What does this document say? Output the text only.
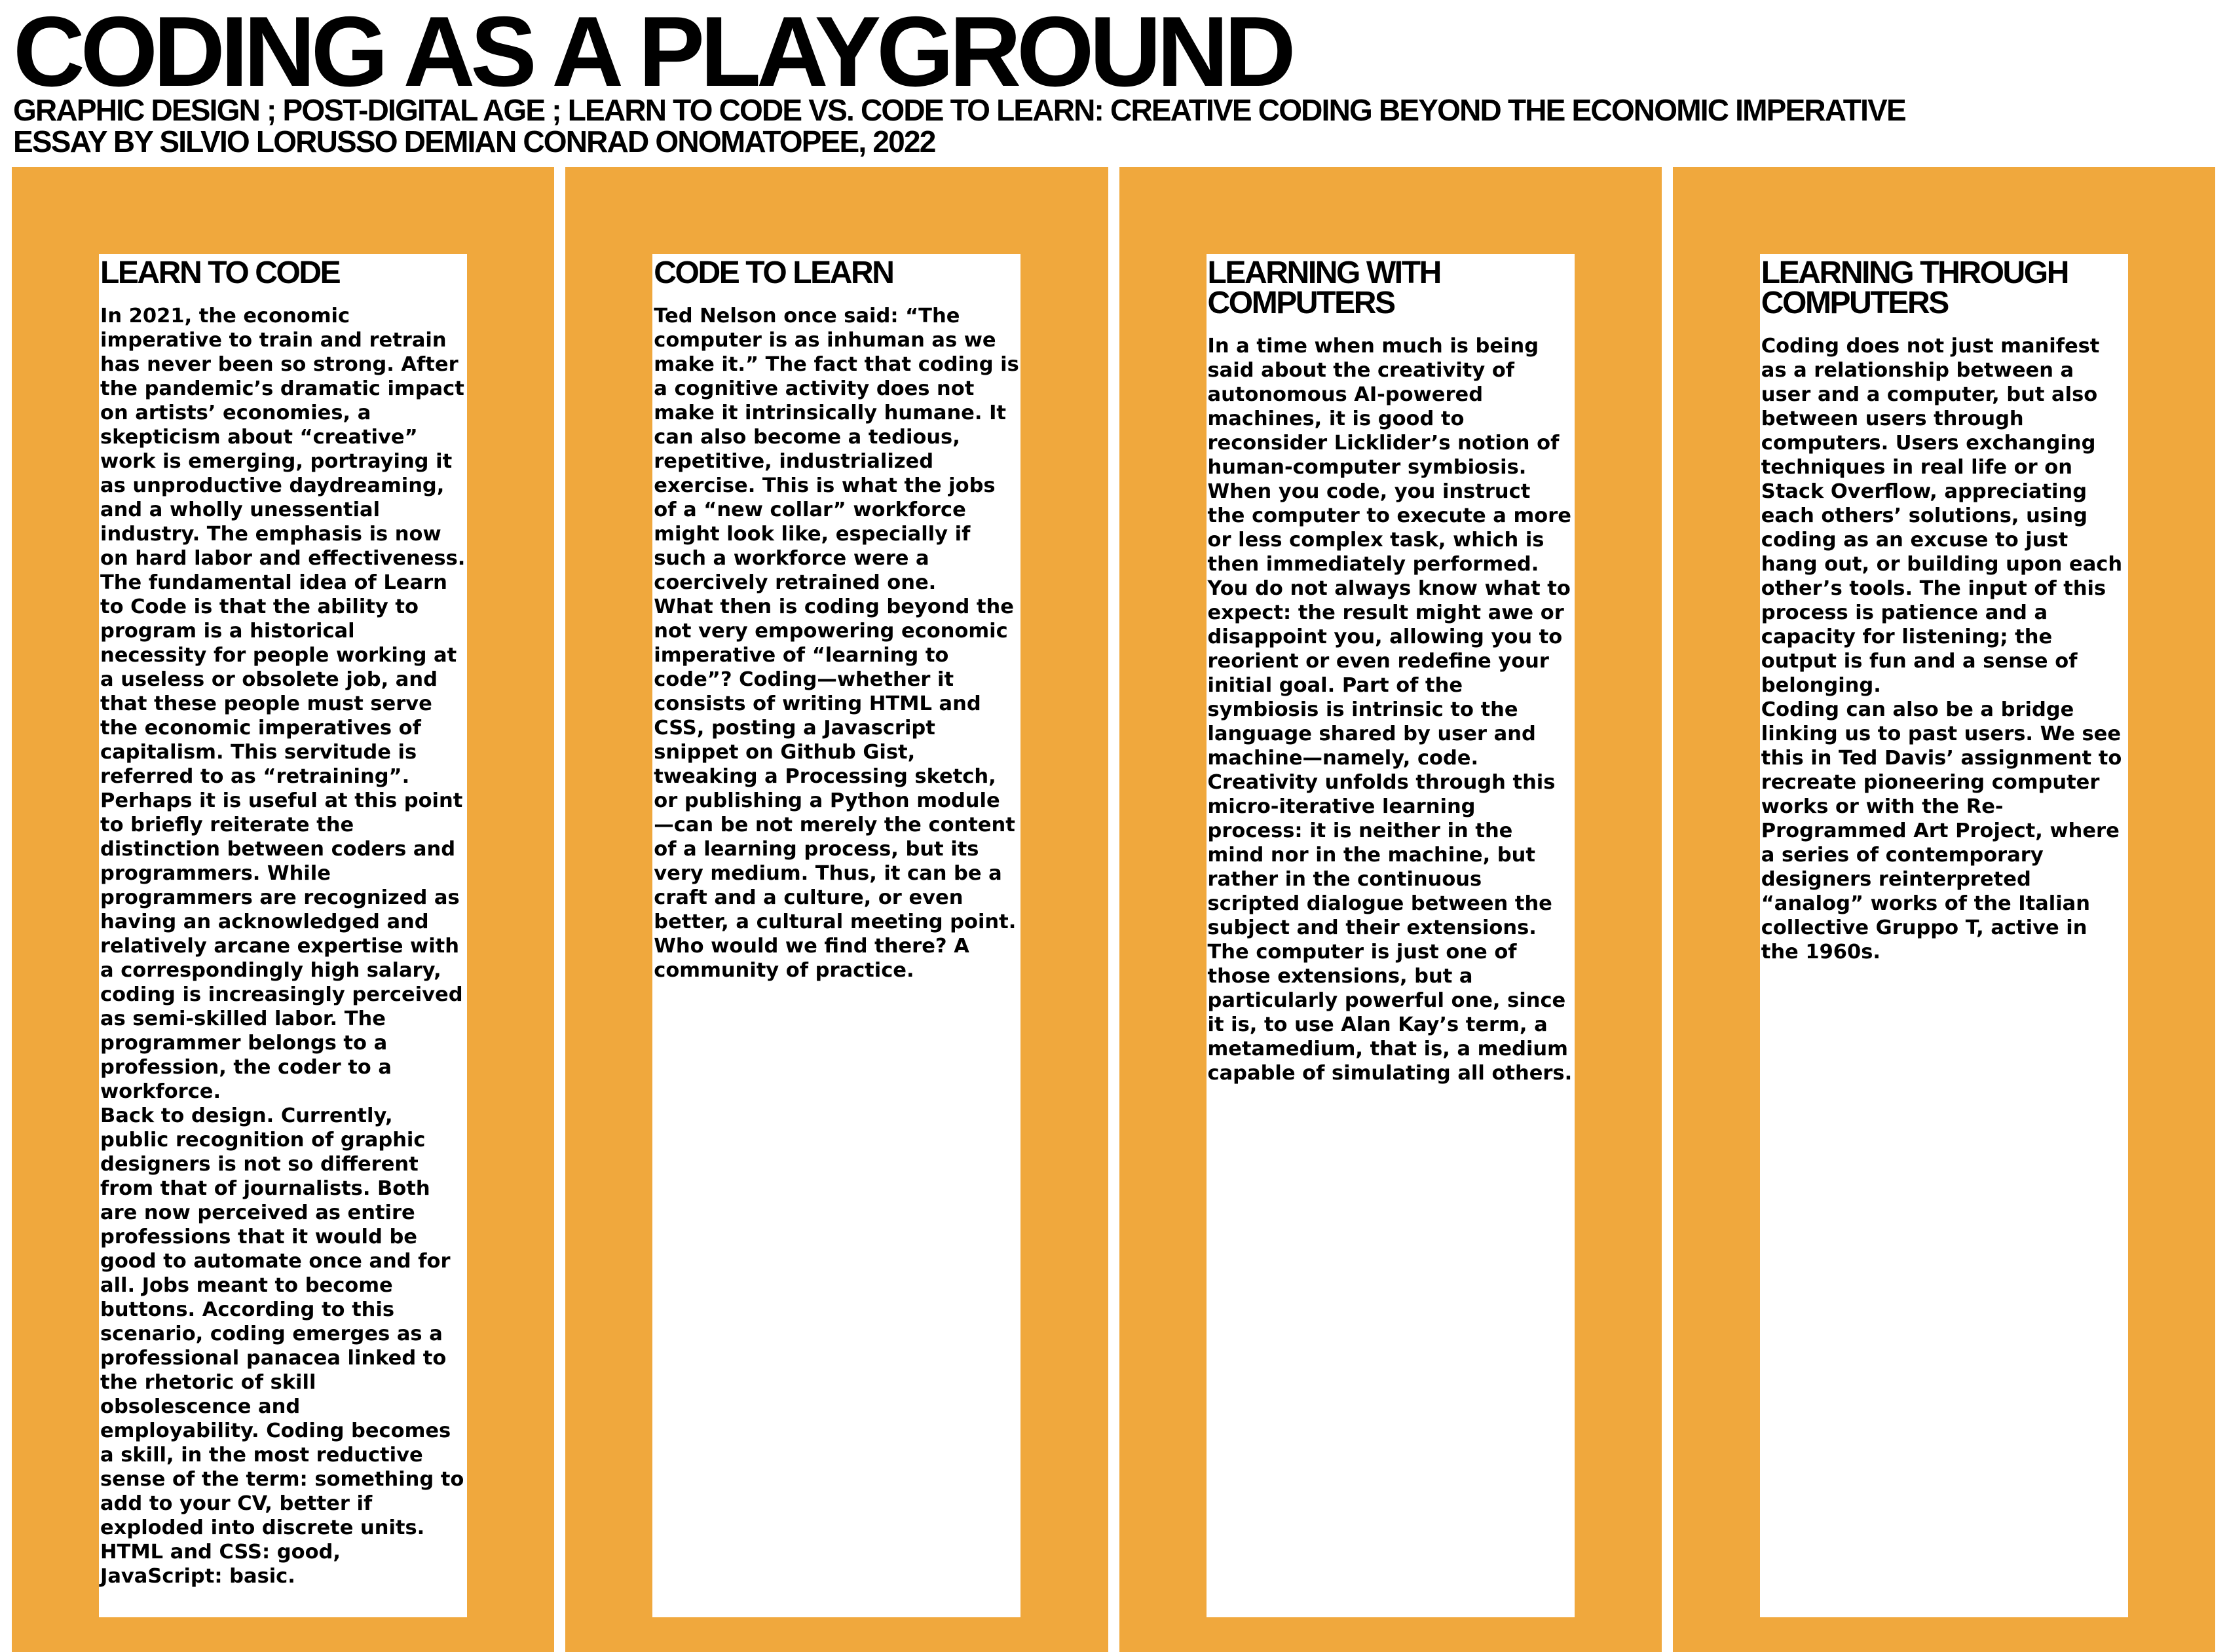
CODING AS A PLAYGROUND
GRAPHIC DESIGN ; POST-DIGITAL AGE ; LEARN TO CODE VS. CODE TO LEARN: CREATIVE CODING BEYOND THE ECONOMIC IMPERATIVE
ESSAY BY SILVIO LORUSSO DEMIAN CONRAD ONOMATOPEE, 2022
LEARN TO CODE

In 2021, the economic imperative to train and retrain has never been so strong. After the pandemic’s dramatic impact on artists’ economies, a skepticism about “creative” work is emerging, portraying it as unproductive daydreaming, and a wholly unessential industry. The emphasis is now on hard labor and effectiveness. The fundamental idea of Learn to Code is that the ability to program is a historical necessity for people working at a useless or obsolete job, and that these people must serve the economic imperatives of capitalism. This servitude is referred to as “retraining”.

Perhaps it is useful at this point to briefly reiterate the distinction between coders and programmers. While programmers are recognized as having an acknowledged and relatively arcane expertise with a correspondingly high salary, coding is increasingly perceived as semi-skilled labor. The programmer belongs to a profession, the coder to a workforce.

Back to design. Currently, public recognition of graphic designers is not so different from that of journalists. Both are now perceived as entire professions that it would be good to automate once and for all. Jobs meant to become buttons. According to this scenario, coding emerges as a professional panacea linked to the rhetoric of skill obsolescence and employability. Coding becomes a skill, in the most reductive sense of the term: something to add to your CV, better if exploded into discrete units. HTML and CSS: good, JavaScript: basic.

CODE TO LEARN

Ted Nelson once said: “The computer is as inhuman as we make it.” The fact that coding is a cognitive activity does not make it intrinsically humane. It can also become a tedious, repetitive, industrialized exercise. This is what the jobs of a “new collar” workforce might look like, especially if such a workforce were a coercively retrained one.

What then is coding beyond the not very empowering economic imperative of “learning to code”? Coding—whether it consists of writing HTML and CSS, posting a Javascript snippet on Github Gist, tweaking a Processing sketch, or publishing a Python module—can be not merely the content of a learning process, but its very medium. Thus, it can be a craft and a culture, or even better, a cultural meeting point. Who would we find there? A community of practice.

LEARNING WITH COMPUTERS

In a time when much is being said about the creativity of autonomous AI-powered machines, it is good to reconsider Licklider’s notion of human-computer symbiosis. When you code, you instruct the computer to execute a more or less complex task, which is then immediately performed. You do not always know what to expect: the result might awe or disappoint you, allowing you to reorient or even redefine your initial goal. Part of the symbiosis is intrinsic to the language shared by user and machine—namely, code. Creativity unfolds through this micro-iterative learning process: it is neither in the mind nor in the machine, but rather in the continuous scripted dialogue between the subject and their extensions. The computer is just one of those extensions, but a particularly powerful one, since it is, to use Alan Kay’s term, a metamedium, that is, a medium capable of simulating all others.

LEARNING THROUGH COMPUTERS

Coding does not just manifest as a relationship between a user and a computer, but also between users through computers. Users exchanging techniques in real life or on Stack Overflow, appreciating each others’ solutions, using coding as an excuse to just hang out, or building upon each other’s tools. The input of this process is patience and a capacity for listening; the output is fun and a sense of belonging.

Coding can also be a bridge linking us to past users. We see this in Ted Davis’ assignment to recreate pioneering computer works or with the Re-Programmed Art Project, where a series of contemporary designers reinterpreted “analog” works of the Italian collective Gruppo T, active in the 1960s.
